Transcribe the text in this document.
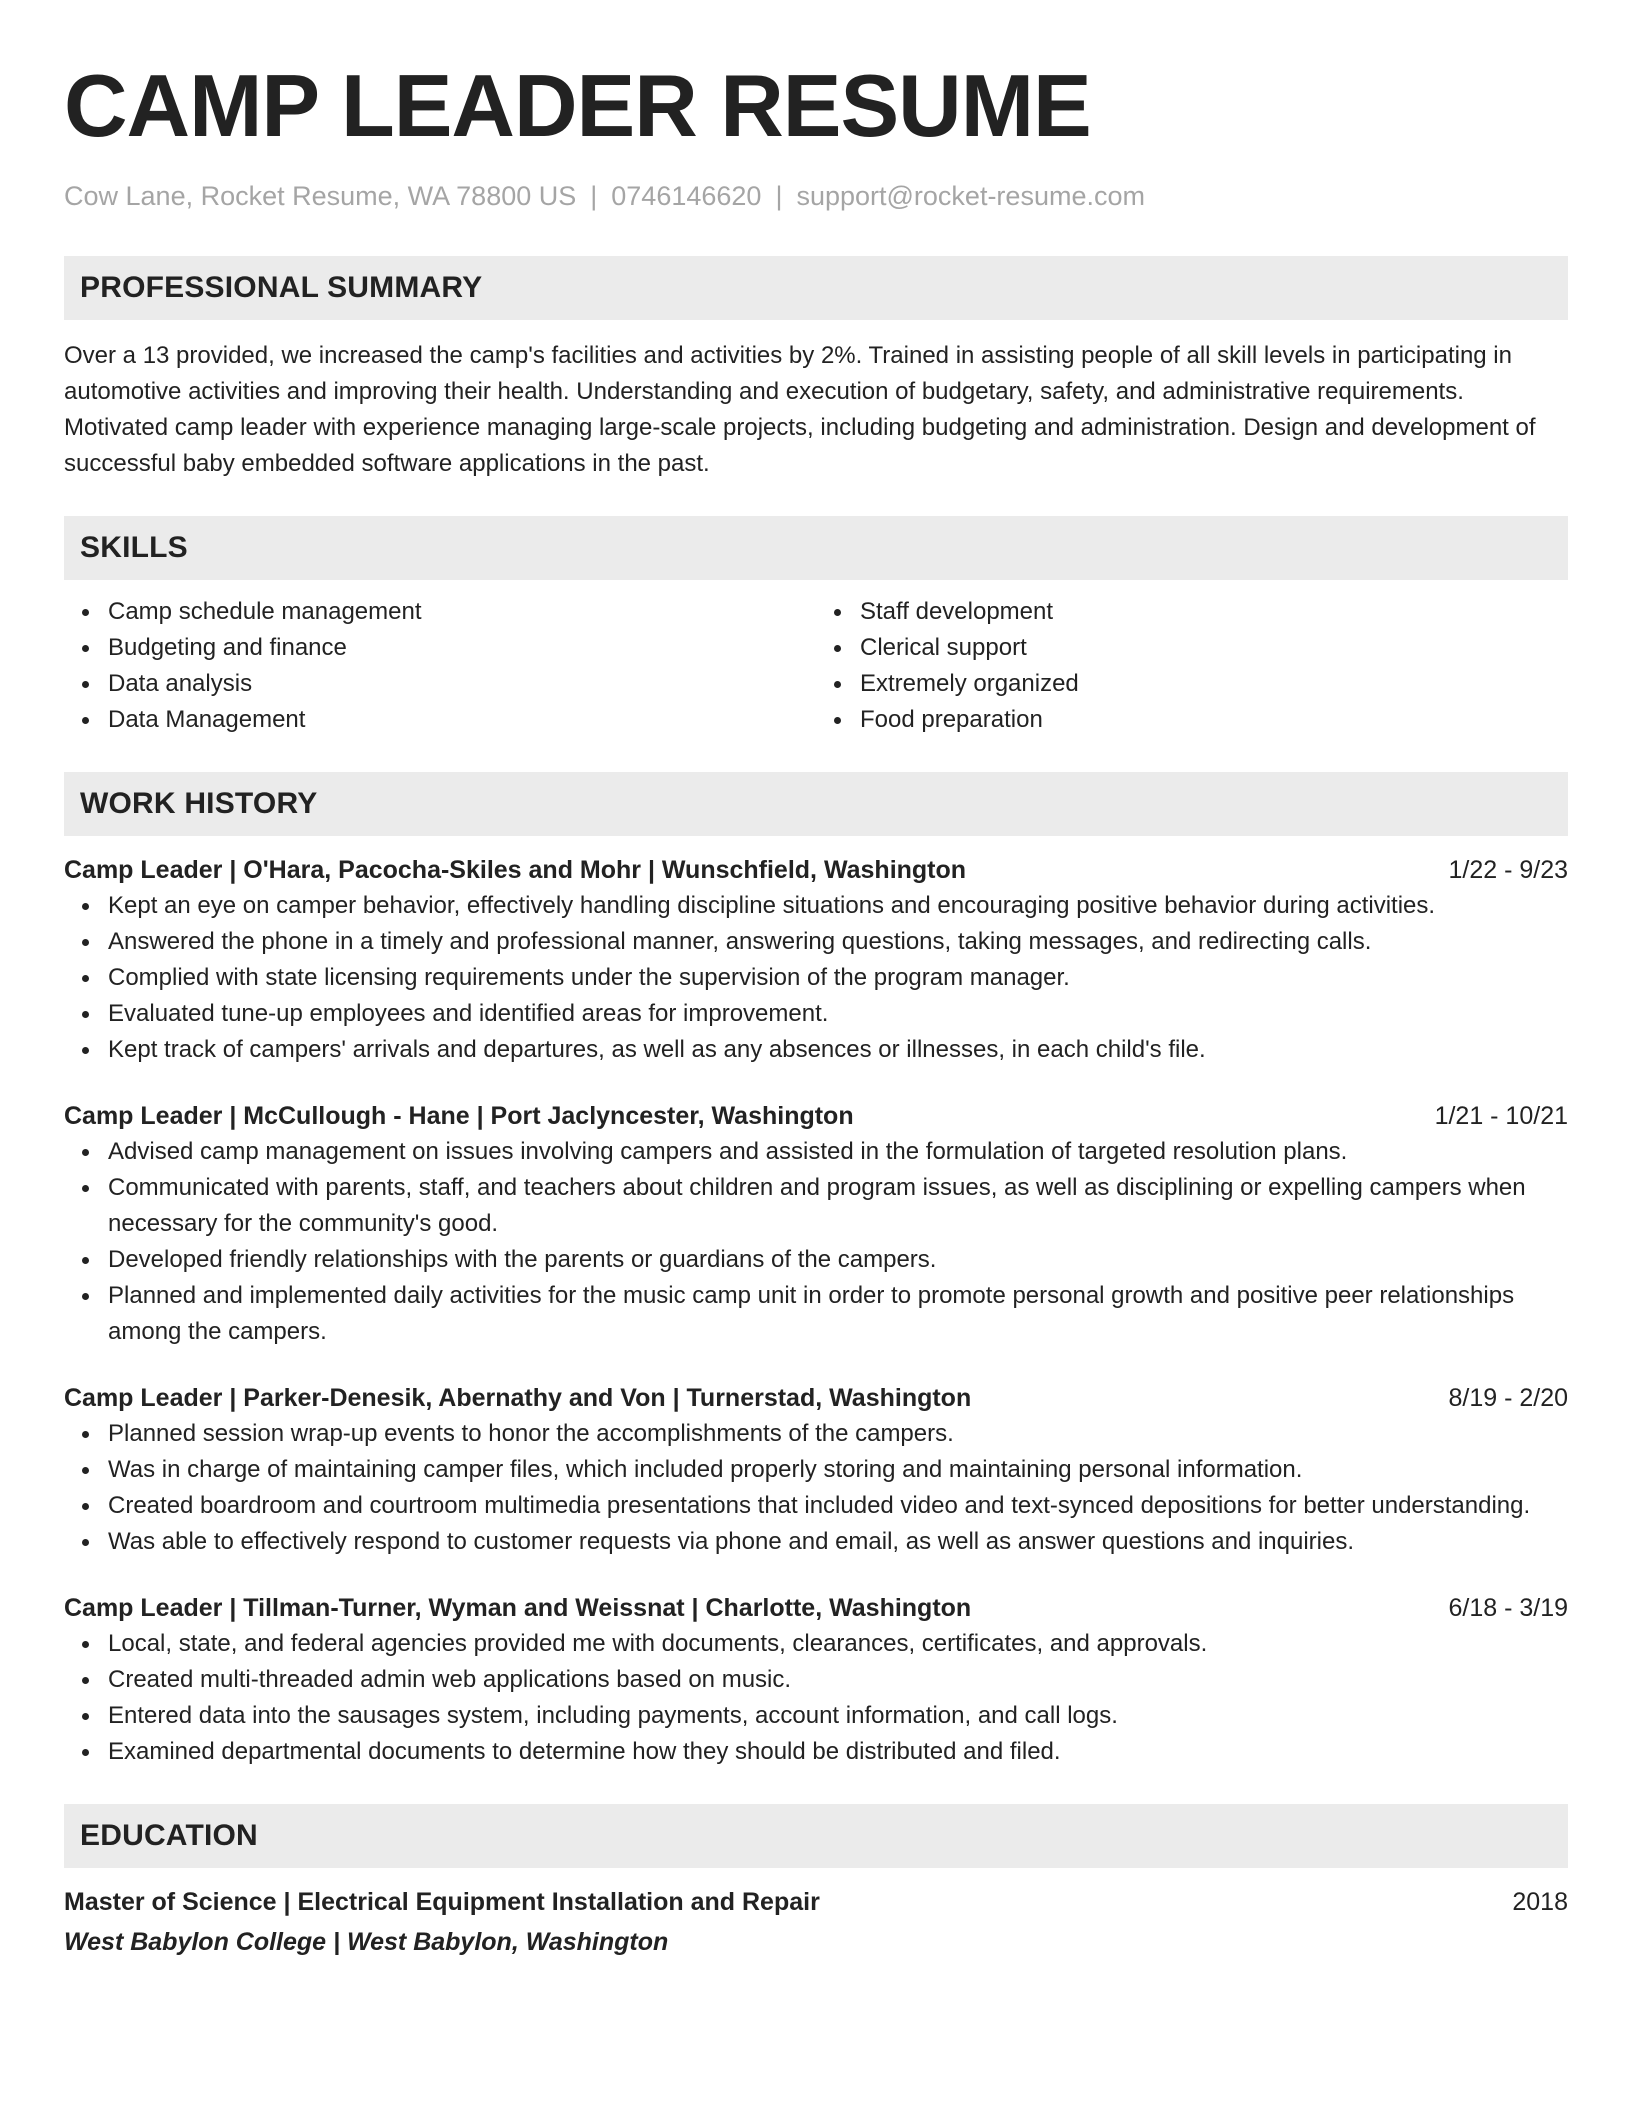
CAMP LEADER RESUME
Cow Lane, Rocket Resume, WA 78800 US | 0746146620 | support@rocket-resume.com
PROFESSIONAL SUMMARY

Over a 13 provided, we increased the camp's facilities and activities by 2%. Trained in assisting people of all skill levels in participating in automotive activities and improving their health. Understanding and execution of budgetary, safety, and administrative requirements. Motivated camp leader with experience managing large-scale projects, including budgeting and administration. Design and development of successful baby embedded software applications in the past.

SKILLS
Camp schedule management
Budgeting and finance
Data analysis
Data Management
Staff development
Clerical support
Extremely organized
Food preparation
WORK HISTORY
Camp Leader | O'Hara, Pacocha-Skiles and Mohr | Wunschfield, Washington	1/22 - 9/23
Kept an eye on camper behavior, effectively handling discipline situations and encouraging positive behavior during activities.
Answered the phone in a timely and professional manner, answering questions, taking messages, and redirecting calls.
Complied with state licensing requirements under the supervision of the program manager.
Evaluated tune-up employees and identified areas for improvement.
Kept track of campers' arrivals and departures, as well as any absences or illnesses, in each child's file.
Camp Leader | McCullough - Hane | Port Jaclyncester, Washington	1/21 - 10/21
Advised camp management on issues involving campers and assisted in the formulation of targeted resolution plans.
Communicated with parents, staff, and teachers about children and program issues, as well as disciplining or expelling campers when necessary for the community's good.
Developed friendly relationships with the parents or guardians of the campers.
Planned and implemented daily activities for the music camp unit in order to promote personal growth and positive peer relationships among the campers.
Camp Leader | Parker-Denesik, Abernathy and Von | Turnerstad, Washington	8/19 - 2/20
Planned session wrap-up events to honor the accomplishments of the campers.
Was in charge of maintaining camper files, which included properly storing and maintaining personal information.
Created boardroom and courtroom multimedia presentations that included video and text-synced depositions for better understanding.
Was able to effectively respond to customer requests via phone and email, as well as answer questions and inquiries.
Camp Leader | Tillman-Turner, Wyman and Weissnat | Charlotte, Washington	6/18 - 3/19
Local, state, and federal agencies provided me with documents, clearances, certificates, and approvals.
Created multi-threaded admin web applications based on music.
Entered data into the sausages system, including payments, account information, and call logs.
Examined departmental documents to determine how they should be distributed and filed.
EDUCATION
Master of Science | Electrical Equipment Installation and Repair	2018
West Babylon College | West Babylon, Washington
